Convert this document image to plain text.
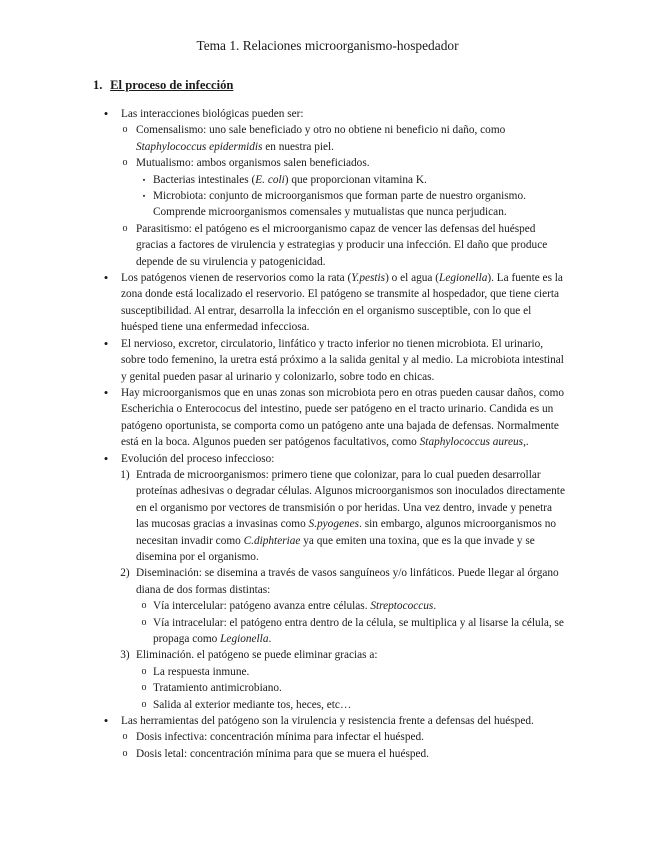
Tema 1. Relaciones microorganismo-hospedador
1. El proceso de infección
•	Las interacciones biológicas pueden ser:
o Comensalismo: uno sale beneficiado y otro no obtiene ni beneficio ni daño, como Staphylococcus epidermidis en nuestra piel.
o Mutualismo: ambos organismos salen beneficiados.
▪ Bacterias intestinales (E. coli) que proporcionan vitamina K.
▪ Microbiota: conjunto de microorganismos que forman parte de nuestro organismo. Comprende microorganismos comensales y mutualistas que nunca perjudican.
o Parasitismo: el patógeno es el microorganismo capaz de vencer las defensas del huésped gracias a factores de virulencia y estrategias y producir una infección. El daño que produce depende de su virulencia y patogenicidad.
•	Los patógenos vienen de reservorios como la rata (Y.pestis) o el agua (Legionella). La fuente es la zona donde está localizado el reservorio. El patógeno se transmite al hospedador, que tiene cierta susceptibilidad. Al entrar, desarrolla la infección en el organismo susceptible, con lo que el huésped tiene una enfermedad infecciosa.
•	El nervioso, excretor, circulatorio, linfático y tracto inferior no tienen microbiota. El urinario, sobre todo femenino, la uretra está próximo a la salida genital y al medio. La microbiota intestinal y genital pueden pasar al urinario y colonizarlo, sobre todo en chicas.
•	Hay microorganismos que en unas zonas son microbiota pero en otras pueden causar daños, como Escherichia o Enterococus del intestino, puede ser patógeno en el tracto urinario. Candida es un patógeno oportunista, se comporta como un patógeno ante una bajada de defensas. Normalmente está en la boca. Algunos pueden ser patógenos facultativos, como Staphylococcus aureus,.
•	Evolución del proceso infeccioso:
1) Entrada de microorganismos: primero tiene que colonizar, para lo cual pueden desarrollar proteínas adhesivas o degradar células. Algunos microorganismos son inoculados directamente en el organismo por vectores de transmisión o por heridas. Una vez dentro, invade y penetra las mucosas gracias a invasinas como S.pyogenes. sin embargo, algunos microorganismos no necesitan invadir como C.diphteriae ya que emiten una toxina, que es la que invade y se disemina por el organismo.
2) Diseminación: se disemina a través de vasos sanguíneos y/o linfáticos. Puede llegar al órgano diana de dos formas distintas:
o Vía intercelular: patógeno avanza entre células. Streptococcus.
o Vía intracelular: el patógeno entra dentro de la célula, se multiplica y al lisarse la célula, se propaga como Legionella.
3) Eliminación. el patógeno se puede eliminar gracias a:
o La respuesta inmune.
o Tratamiento antimicrobiano.
o Salida al exterior mediante tos, heces, etc…
•	Las herramientas del patógeno son la virulencia y resistencia frente a defensas del huésped.
o Dosis infectiva: concentración mínima para infectar el huésped.
o Dosis letal: concentración mínima para que se muera el huésped.
